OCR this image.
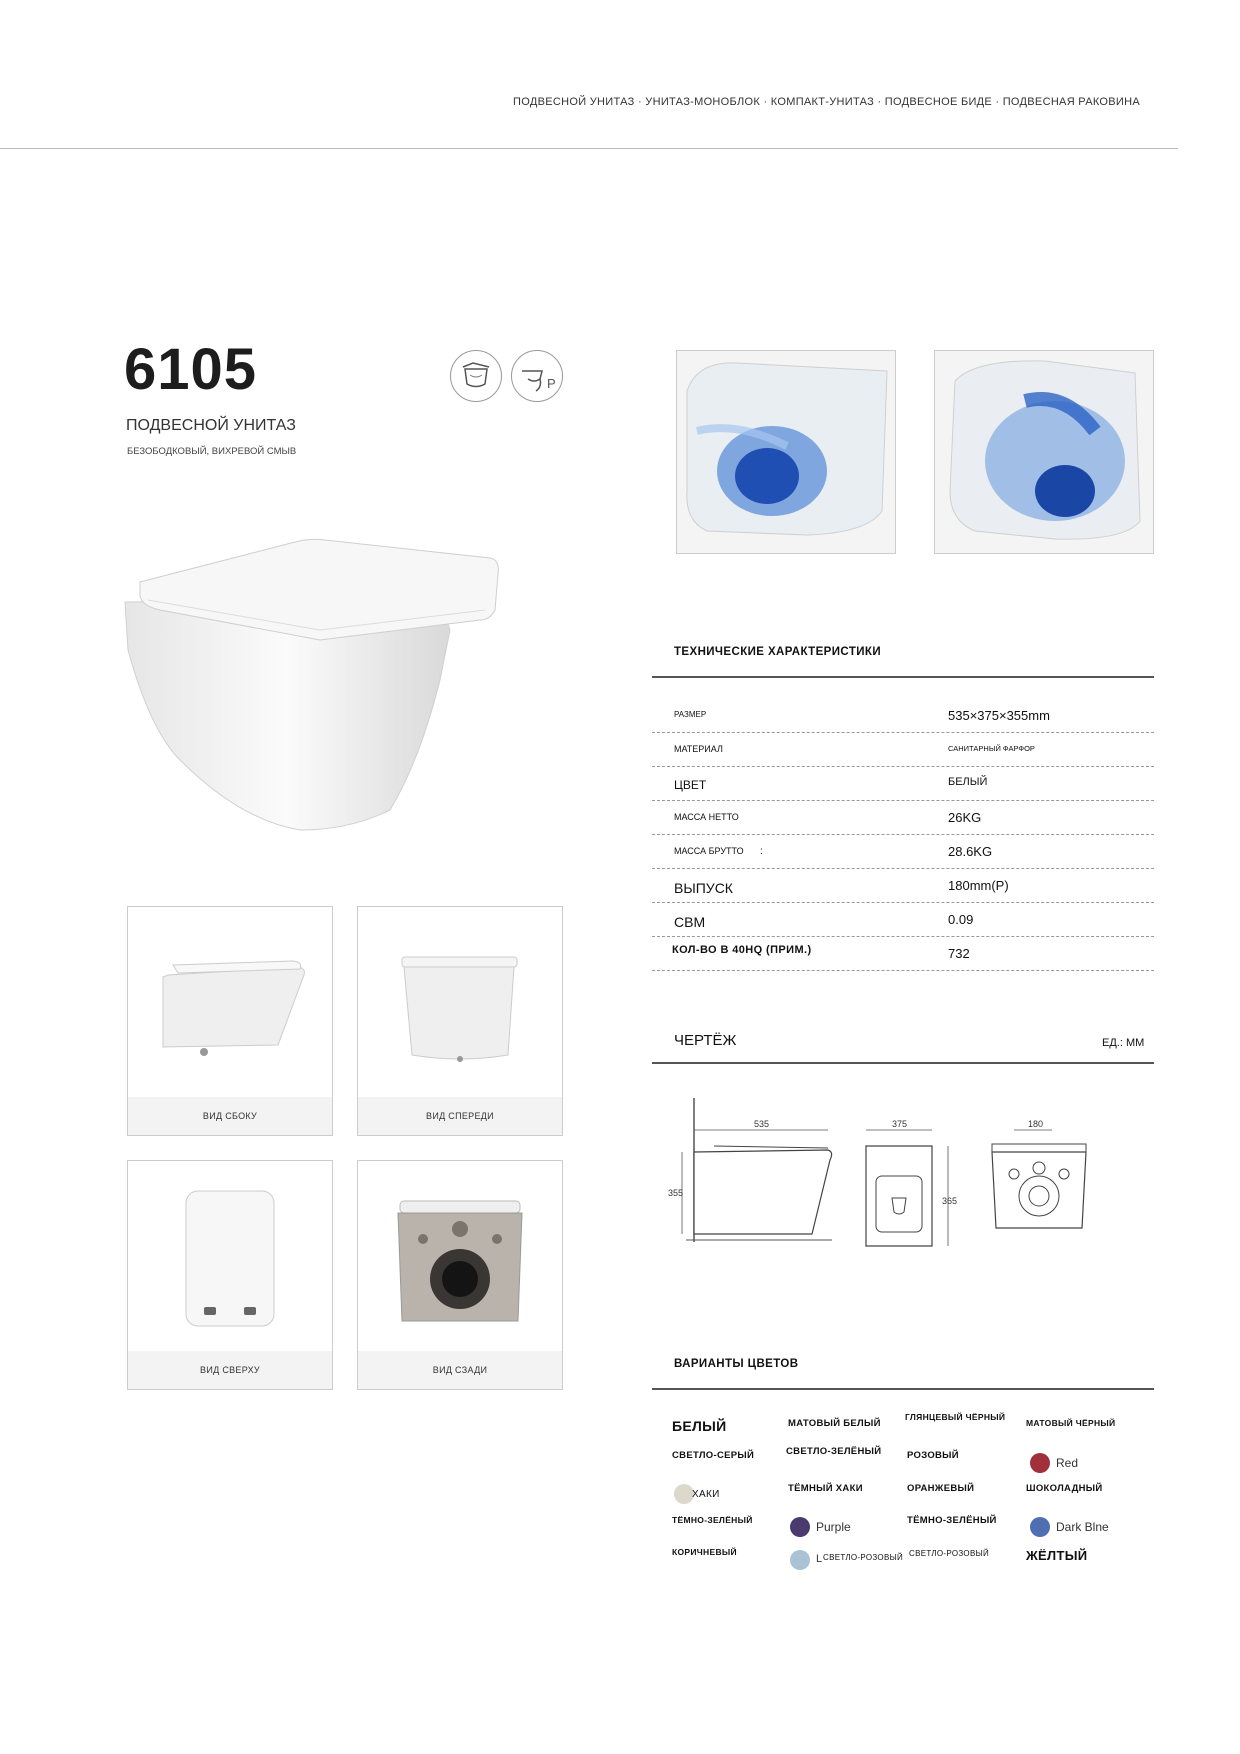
ПОДВЕСНОЙ УНИТАЗ · УНИТАЗ-МОНОБЛОК · КОМПАКТ-УНИТАЗ · ПОДВЕСНОЕ БИДЕ · ПОДВЕСНАЯ РАКОВИНА
6105
ПОДВЕСНОЙ УНИТАЗ
БЕЗОБОДКОВЫЙ, ВИХРЕВОЙ СМЫВ
P
ВИД СБОКУ	ВИД СПЕРЕДИ
ВИД СВЕРХУ	ВИД СЗАДИ
ТЕХНИЧЕСКИЕ ХАРАКТЕРИСТИКИ
РАЗМЕР	535×375×355mm
МАТЕРИАЛ	САНИТАРНЫЙ ФАРФОР
ЦВЕТ	БЕЛЫЙ
МАССА НЕТТО	26KG
МАССА БРУТТО :	28.6KG
ВЫПУСК	180mm(P)
CBM	0.09
КОЛ-ВО В 40HQ (ПРИМ.)	732
ЧЕРТЁЖ	ЕД.: ММ
535
355
375
365
180
ВАРИАНТЫ ЦВЕТОВ
БЕЛЫЙ
СВЕТЛО-СЕРЫЙ
ХАКИ
ТЁМНО-ЗЕЛЁНЫЙ
КОРИЧНЕВЫЙ
МАТОВЫЙ БЕЛЫЙ
СВЕТЛО-ЗЕЛЁНЫЙ
ТЁМНЫЙ ХАКИ
Purple
L СВЕТЛО-РОЗОВЫЙ
ГЛЯНЦЕВЫЙ ЧЁРНЫЙ
РОЗОВЫЙ
ОРАНЖЕВЫЙ
ТЁМНО-ЗЕЛЁНЫЙ
СВЕТЛО-РОЗОВЫЙ
МАТОВЫЙ ЧЁРНЫЙ
Red
ШОКОЛАДНЫЙ
Dark Blne
ЖЁЛТЫЙ
